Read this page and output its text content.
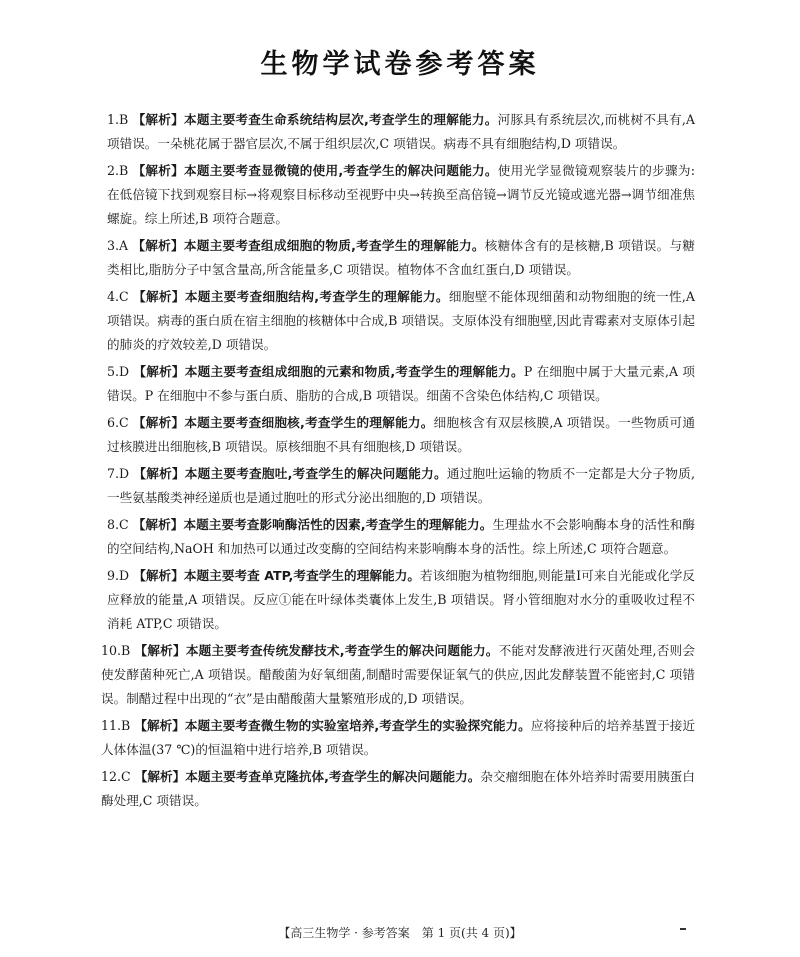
生物学试卷参考答案

1.B 【解析】本题主要考查生命系统结构层次,考查学生的理解能力。河豚具有系统层次,而桃树不具有,A 项错误。一朵桃花属于器官层次,不属于组织层次,C 项错误。病毒不具有细胞结构,D 项错误。

2.B 【解析】本题主要考查显微镜的使用,考查学生的解决问题能力。使用光学显微镜观察装片的步骤为:在低倍镜下找到观察目标→将观察目标移动至视野中央→转换至高倍镜→调节反光镜或遮光器→调节细准焦螺旋。综上所述,B 项符合题意。

3.A 【解析】本题主要考查组成细胞的物质,考查学生的理解能力。核糖体含有的是核糖,B 项错误。与糖类相比,脂肪分子中氢含量高,所含能量多,C 项错误。植物体不含血红蛋白,D 项错误。

4.C 【解析】本题主要考查细胞结构,考查学生的理解能力。细胞壁不能体现细菌和动物细胞的统一性,A 项错误。病毒的蛋白质在宿主细胞的核糖体中合成,B 项错误。支原体没有细胞壁,因此青霉素对支原体引起的肺炎的疗效较差,D 项错误。

5.D 【解析】本题主要考查组成细胞的元素和物质,考查学生的理解能力。P 在细胞中属于大量元素,A 项错误。P 在细胞中不参与蛋白质、脂肪的合成,B 项错误。细菌不含染色体结构,C 项错误。

6.C 【解析】本题主要考查细胞核,考查学生的理解能力。细胞核含有双层核膜,A 项错误。一些物质可通过核膜进出细胞核,B 项错误。原核细胞不具有细胞核,D 项错误。

7.D 【解析】本题主要考查胞吐,考查学生的解决问题能力。通过胞吐运输的物质不一定都是大分子物质,一些氨基酸类神经递质也是通过胞吐的形式分泌出细胞的,D 项错误。

8.C 【解析】本题主要考查影响酶活性的因素,考查学生的理解能力。生理盐水不会影响酶本身的活性和酶的空间结构,NaOH 和加热可以通过改变酶的空间结构来影响酶本身的活性。综上所述,C 项符合题意。

9.D 【解析】本题主要考查 ATP,考查学生的理解能力。若该细胞为植物细胞,则能量Ⅰ可来自光能或化学反应释放的能量,A 项错误。反应①能在叶绿体类囊体上发生,B 项错误。肾小管细胞对水分的重吸收过程不消耗 ATP,C 项错误。

10.B 【解析】本题主要考查传统发酵技术,考查学生的解决问题能力。不能对发酵液进行灭菌处理,否则会使发酵菌种死亡,A 项错误。醋酸菌为好氧细菌,制醋时需要保证氧气的供应,因此发酵装置不能密封,C 项错误。制醋过程中出现的“衣”是由醋酸菌大量繁殖形成的,D 项错误。

11.B 【解析】本题主要考查微生物的实验室培养,考查学生的实验探究能力。应将接种后的培养基置于接近人体体温(37 ℃)的恒温箱中进行培养,B 项错误。

12.C 【解析】本题主要考查单克隆抗体,考查学生的解决问题能力。杂交瘤细胞在体外培养时需要用胰蛋白酶处理,C 项错误。

【高三生物学 · 参考答案　第 1 页(共 4 页)】
